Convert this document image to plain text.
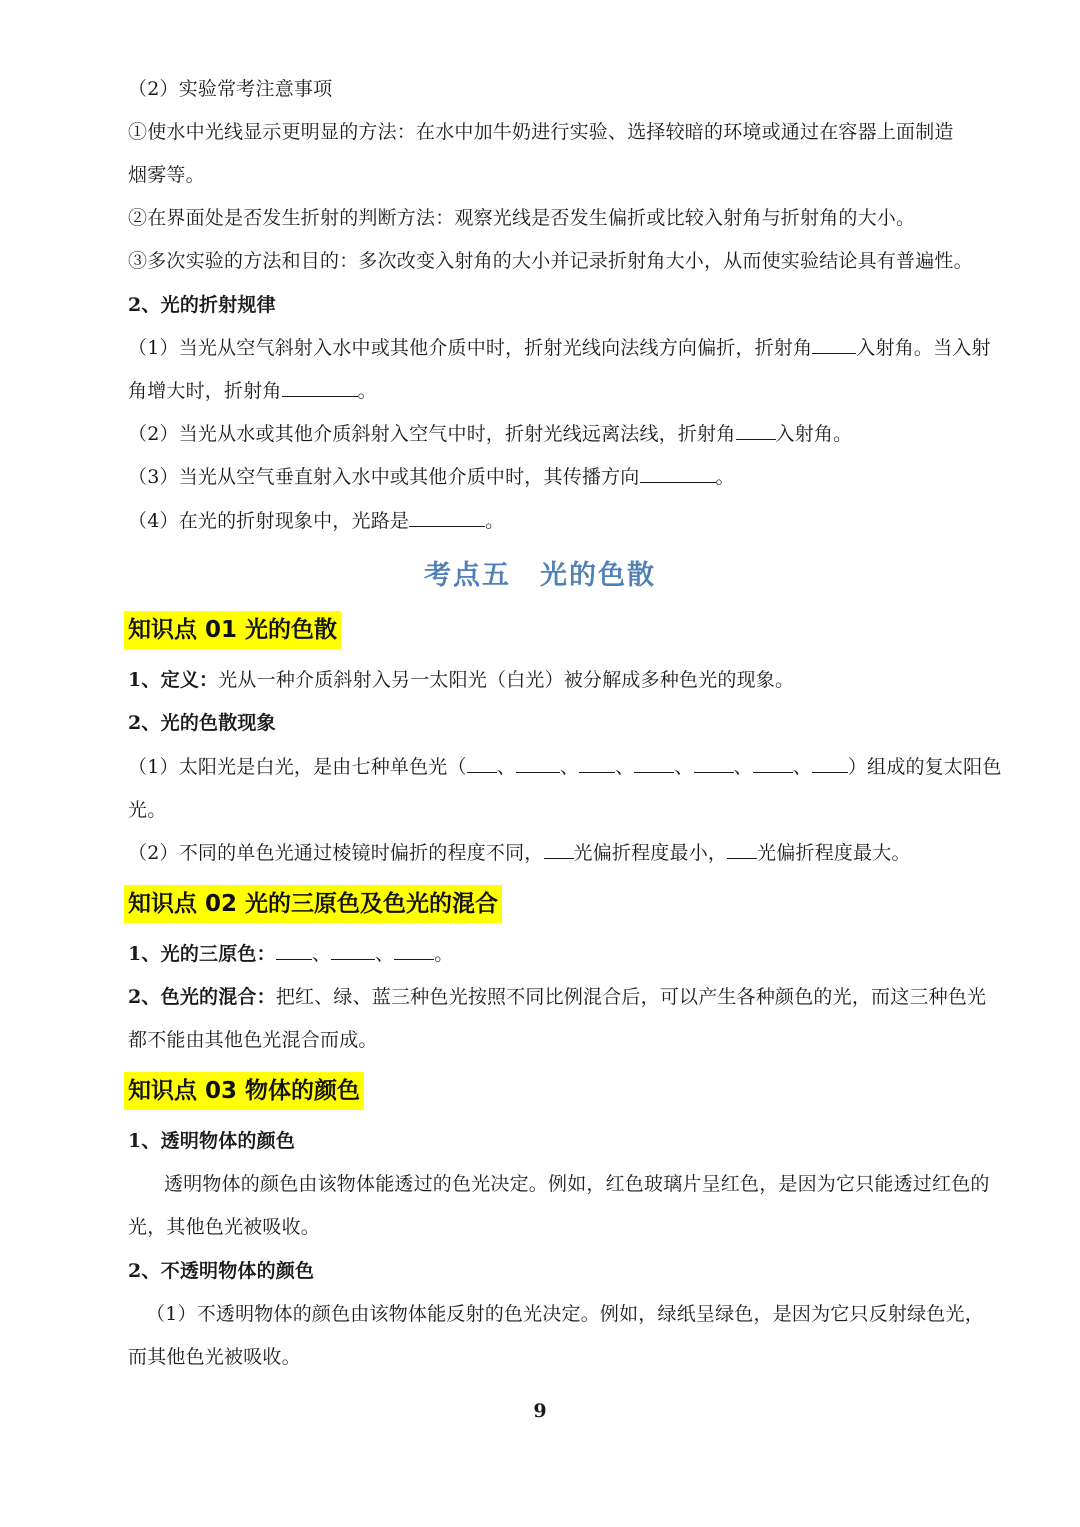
（2）实验常考注意事项
①使水中光线显示更明显的方法：在水中加牛奶进行实验、选择较暗的环境或通过在容器上面制造
烟雾等。
②在界面处是否发生折射的判断方法：观察光线是否发生偏折或比较入射角与折射角的大小。
③多次实验的方法和目的：多次改变入射角的大小并记录折射角大小，从而使实验结论具有普遍性。
2、光的折射规律
（1）当光从空气斜射入水中或其他介质中时，折射光线向法线方向偏折，折射角 入射角。当入射
角增大时，折射角	。
（2）当光从水或其他介质斜射入空气中时，折射光线远离法线，折射角 入射角。
（3）当光从空气垂直射入水中或其他介质中时，其传播方向	。
（4）在光的折射现象中，光路是	。
考点五　光的色散
知识点 01 光的色散
1、定义：光从一种介质斜射入另一太阳光（白光）被分解成多种色光的现象。
2、光的色散现象
（1）太阳光是白光，是由七种单色光（ 、 、 、 、 、 、 ）组成的复太阳色
光。
（2）不同的单色光通过棱镜时偏折的程度不同， 光偏折程度最小， 光偏折程度最大。
知识点 02 光的三原色及色光的混合
1、光的三原色： 、 、 。
2、色光的混合：把红、绿、蓝三种色光按照不同比例混合后，可以产生各种颜色的光，而这三种色光
都不能由其他色光混合而成。
知识点 03 物体的颜色
1、透明物体的颜色
透明物体的颜色由该物体能透过的色光决定。例如，红色玻璃片呈红色，是因为它只能透过红色的
光，其他色光被吸收。
2、不透明物体的颜色
（1）不透明物体的颜色由该物体能反射的色光决定。例如，绿纸呈绿色，是因为它只反射绿色光，
而其他色光被吸收。
9
